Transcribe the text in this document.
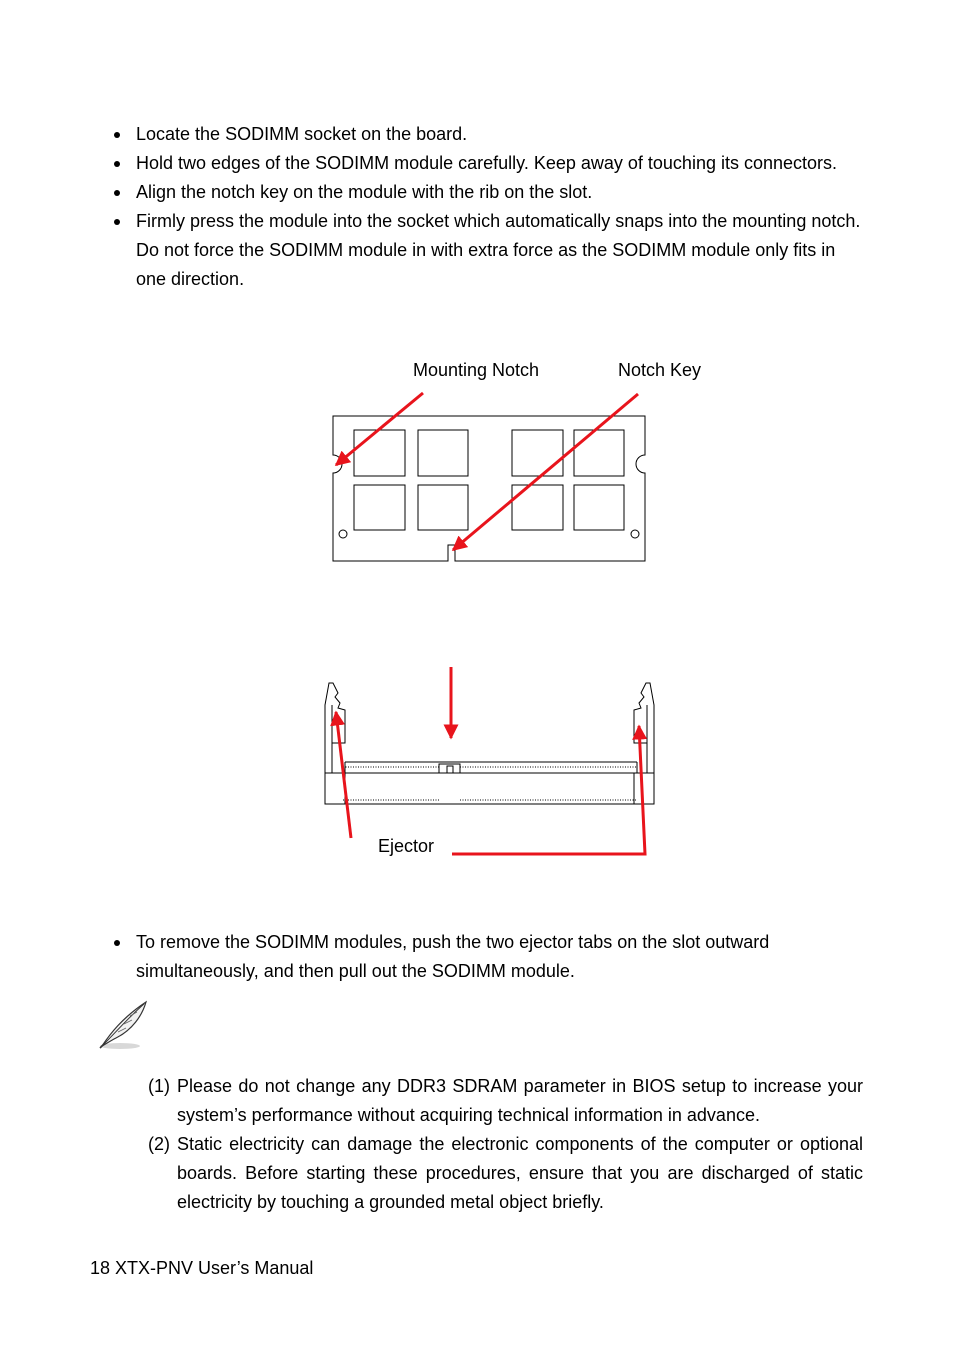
Locate the SODIMM socket on the board.
Hold two edges of the SODIMM module carefully. Keep away of touching its connectors.
Align the notch key on the module with the rib on the slot.
Firmly press the module into the socket which automatically snaps into the mounting notch. Do not force the SODIMM module in with extra force as the SODIMM module only fits in one direction.
Mounting Notch	Notch Key
Ejector
To remove the SODIMM modules, push the two ejector tabs on the slot outward simultaneously, and then pull out the SODIMM module.
(1) Please do not change any DDR3 SDRAM parameter in BIOS setup to increase your system’s performance without acquiring technical information in advance.
(2) Static electricity can damage the electronic components of the computer or optional boards. Before starting these procedures, ensure that you are discharged of static electricity by touching a grounded metal object briefly.
18 XTX-PNV User’s Manual
